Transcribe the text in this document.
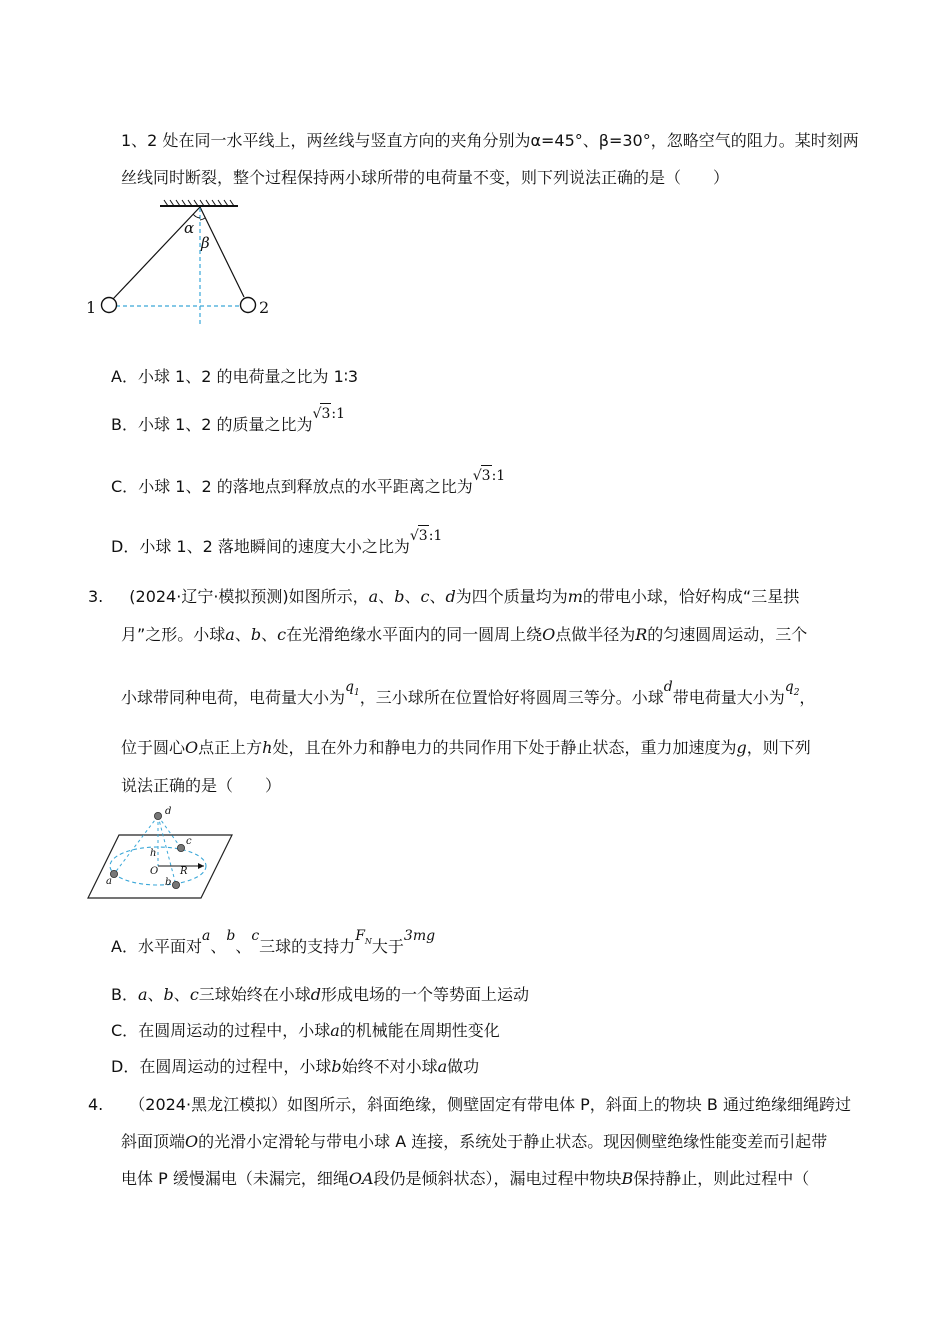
1、2 处在同一水平线上，两丝线与竖直方向的夹角分别为α=45°、β=30°，忽略空气的阻力。某时刻两
丝线同时断裂，整个过程保持两小球所带的电荷量不变，则下列说法正确的是（　　）
α
β
1	2
A．小球 1、2 的电荷量之比为 1∶3
B．小球 1、2 的质量之比为√3:1
C．小球 1、2 的落地点到释放点的水平距离之比为√3:1
D．小球 1、2 落地瞬间的速度大小之比为√3:1
3. (2024·辽宁·模拟预测)如图所示，a、b、c、d为四个质量均为m的带电小球，恰好构成“三星拱
月”之形。小球a、b、c在光滑绝缘水平面内的同一圆周上绕O点做半径为R的匀速圆周运动，三个
小球带同种电荷，电荷量大小为$q_1$，三小球所在位置恰好将圆周三等分。小球d带电荷量大小为$q_2$，
位于圆心O点正上方h处，且在外力和静电力的共同作用下处于静止状态，重力加速度为g，则下列
说法正确的是（　　）
d
c
h
O R
a	b
A．水平面对a、b、c三球的支持力$F_N$大于3mg
B．a、b、c三球始终在小球d形成电场的一个等势面上运动
C．在圆周运动的过程中，小球a的机械能在周期性变化
D．在圆周运动的过程中，小球b始终不对小球a做功
4. （2024·黑龙江模拟）如图所示，斜面绝缘，侧壁固定有带电体 P，斜面上的物块 B 通过绝缘细绳跨过
斜面顶端O的光滑小定滑轮与带电小球 A 连接，系统处于静止状态。现因侧壁绝缘性能变差而引起带
电体 P 缓慢漏电（未漏完，细绳OA段仍是倾斜状态），漏电过程中物块B保持静止，则此过程中（
